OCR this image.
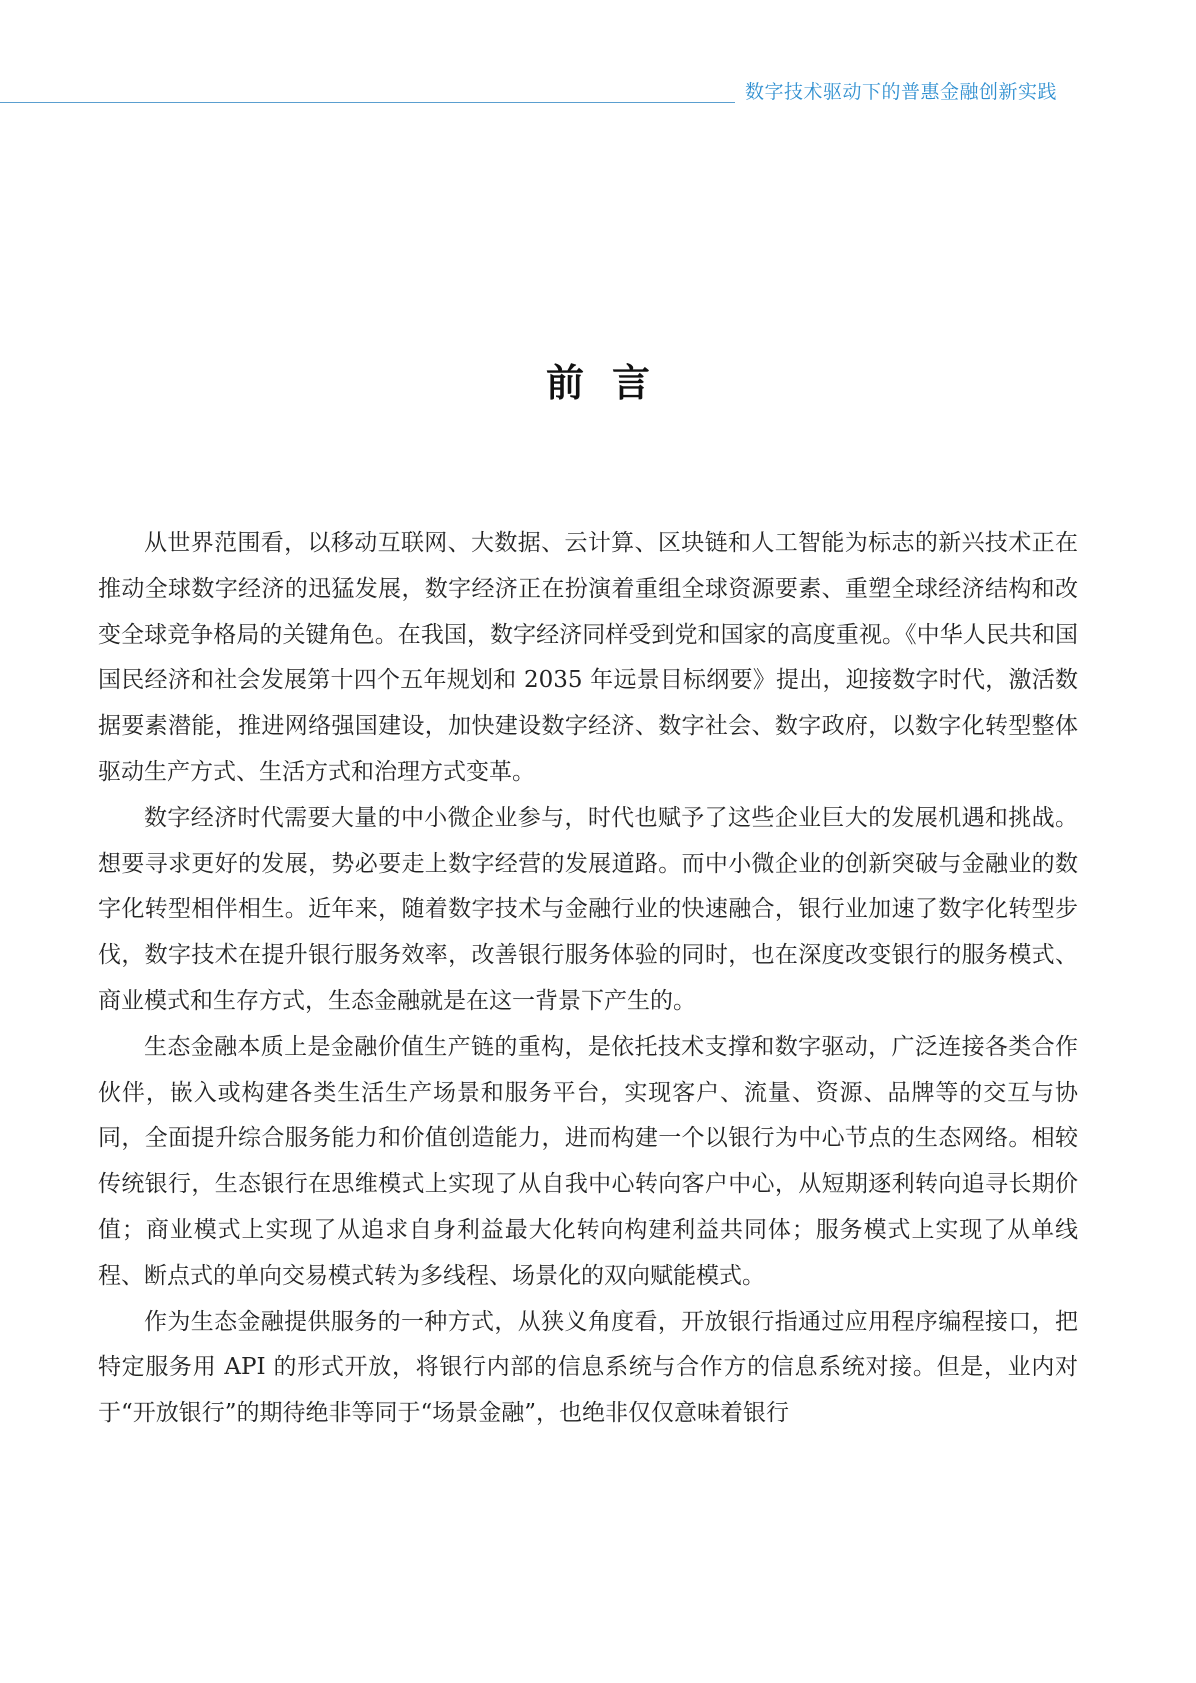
数字技术驱动下的普惠金融创新实践
前言

从世界范围看，以移动互联网、大数据、云计算、区块链和人工智能为标志的新兴技术正在推动全球数字经济的迅猛发展，数字经济正在扮演着重组全球资源要素、重塑全球经济结构和改变全球竞争格局的关键角色。在我国，数字经济同样受到党和国家的高度重视。《中华人民共和国国民经济和社会发展第十四个五年规划和 2035 年远景目标纲要》提出，迎接数字时代，激活数据要素潜能，推进网络强国建设，加快建设数字经济、数字社会、数字政府，以数字化转型整体驱动生产方式、生活方式和治理方式变革。

数字经济时代需要大量的中小微企业参与，时代也赋予了这些企业巨大的发展机遇和挑战。想要寻求更好的发展，势必要走上数字经营的发展道路。而中小微企业的创新突破与金融业的数字化转型相伴相生。近年来，随着数字技术与金融行业的快速融合，银行业加速了数字化转型步伐，数字技术在提升银行服务效率，改善银行服务体验的同时，也在深度改变银行的服务模式、商业模式和生存方式，生态金融就是在这一背景下产生的。

生态金融本质上是金融价值生产链的重构，是依托技术支撑和数字驱动，广泛连接各类合作伙伴，嵌入或构建各类生活生产场景和服务平台，实现客户、流量、资源、品牌等的交互与协同，全面提升综合服务能力和价值创造能力，进而构建一个以银行为中心节点的生态网络。相较传统银行，生态银行在思维模式上实现了从自我中心转向客户中心，从短期逐利转向追寻长期价值；商业模式上实现了从追求自身利益最大化转向构建利益共同体；服务模式上实现了从单线程、断点式的单向交易模式转为多线程、场景化的双向赋能模式。

作为生态金融提供服务的一种方式，从狭义角度看，开放银行指通过应用程序编程接口，把特定服务用 API 的形式开放，将银行内部的信息系统与合作方的信息系统对接。但是，业内对于“开放银行”的期待绝非等同于“场景金融”，也绝非仅仅意味着银行
